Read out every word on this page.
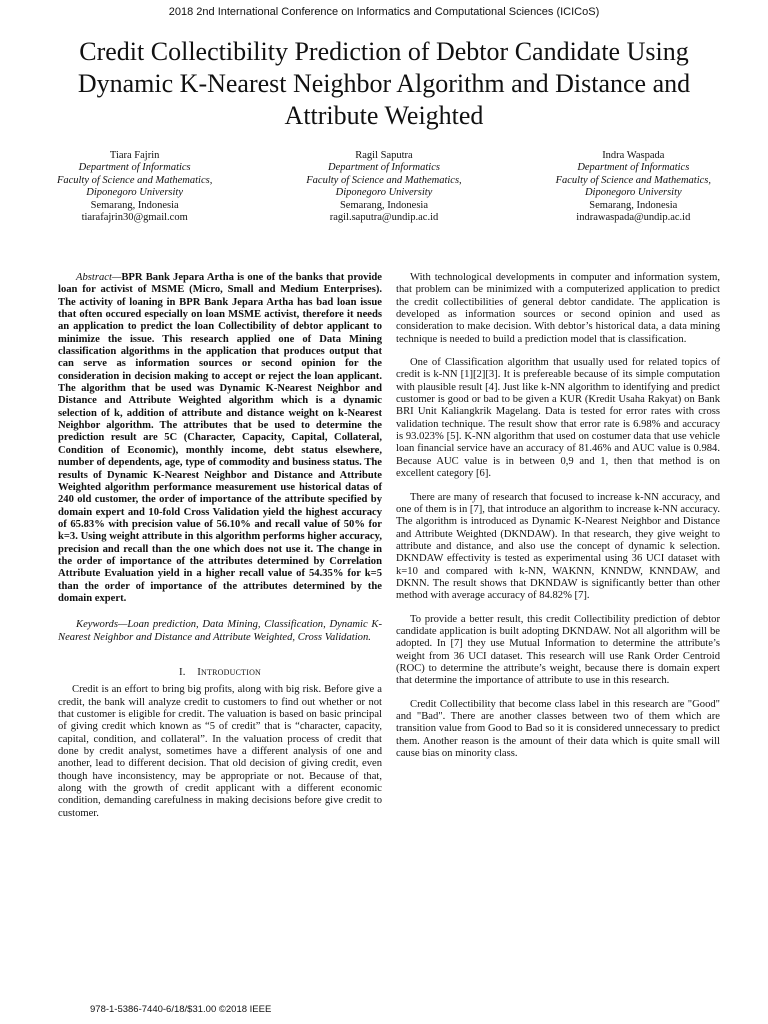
2018 2nd International Conference on Informatics and Computational Sciences (ICICoS)
Credit Collectibility Prediction of Debtor Candidate Using Dynamic K-Nearest Neighbor Algorithm and Distance and Attribute Weighted
Tiara Fajrin
Department of Informatics
Faculty of Science and Mathematics,
Diponegoro University
Semarang, Indonesia
tiarafajrin30@gmail.com
Ragil Saputra
Department of Informatics
Faculty of Science and Mathematics,
Diponegoro University
Semarang, Indonesia
ragil.saputra@undip.ac.id
Indra Waspada
Department of Informatics
Faculty of Science and Mathematics,
Diponegoro University
Semarang, Indonesia
indrawaspada@undip.ac.id

Abstract—BPR Bank Jepara Artha is one of the banks that provide loan for activist of MSME (Micro, Small and Medium Enterprises). The activity of loaning in BPR Bank Jepara Artha has bad loan issue that often occured especially on loan MSME activist, therefore it needs an application to predict the loan Collectibility of debtor applicant to minimize the issue. This research applied one of Data Mining classification algorithms in the application that produces output that can serve as information sources or second opinion for the consideration in decision making to accept or reject the loan applicant. The algorithm that be used was Dynamic K-Nearest Neighbor and Distance and Attribute Weighted algorithm which is a dynamic selection of k, addition of attribute and distance weight on k-Nearest Neighbor algorithm. The attributes that be used to determine the prediction result are 5C (Character, Capacity, Capital, Collateral, Condition of Economic), monthly income, debt status elsewhere, number of dependents, age, type of commodity and business status. The results of Dynamic K-Nearest Neighbor and Distance and Attribute Weighted algorithm performance measurement use historical datas of 240 old customer, the order of importance of the attribute specified by domain expert and 10-fold Cross Validation yield the highest accuracy of 65.83% with precision value of 56.10% and recall value of 50% for k=3. Using weight attribute in this algorithm performs higher accuracy, precision and recall than the one which does not use it. The change in the order of importance of the attributes determined by Correlation Attribute Evaluation yield in a higher recall value of 54.35% for k=5 than the order of importance of the attributes determined by the domain expert.

Keywords—Loan prediction, Data Mining, Classification, Dynamic K-Nearest Neighbor and Distance and Attribute Weighted, Cross Validation.

I. Introduction

Credit is an effort to bring big profits, along with big risk. Before give a credit, the bank will analyze credit to customers to find out whether or not that customer is eligible for credit. The valuation is based on basic principal of giving credit which known as “5 of credit” that is “character, capacity, capital, condition, and collateral”. In the valuation process of credit that done by credit analyst, sometimes have a different analysis of one and another, lead to different decision. That old decision of giving credit, even though have inconsistency, may be appropriate or not. Because of that, along with the growth of credit applicant with a different economic condition, demanding carefulness in making decisions before give credit to customer.

With technological developments in computer and information system, that problem can be minimized with a computerized application to predict the credit collectibilities of general debtor candidate. The application is developed as information sources or second opinion and used as consideration to make decision. With debtor’s historical data, a data mining technique is needed to build a prediction model that is classification.

One of Classification algorithm that usually used for related topics of credit is k-NN [1][2][3]. It is prefereable because of its simple computation with plausible result [4]. Just like k-NN algorithm to identifying and predict customer is good or bad to be given a KUR (Kredit Usaha Rakyat) on Bank BRI Unit Kaliangkrik Magelang. Data is tested for error rates with cross validation technique. The result show that error rate is 6.98% and accuracy is 93.023% [5]. K-NN algorithm that used on costumer data that use vehicle loan financial service have an accuracy of 81.46% and AUC value is 0.984. Because AUC value is in between 0,9 and 1, then that method is on excellent category [6].

There are many of research that focused to increase k-NN accuracy, and one of them is in [7], that introduce an algorithm to increase k-NN accuracy. The algorithm is introduced as Dynamic K-Nearest Neighbor and Distance and Attribute Weighted (DKNDAW). In that research, they give weight to attribute and distance, and also use the concept of dynamic k selection. DKNDAW effectivity is tested as experimental using 36 UCI dataset with k=10 and compared with k-NN, WAKNN, KNNDW, KNNDAW, and DKNN. The result shows that DKNDAW is significantly better than other method with average accuracy of 84.82% [7].

To provide a better result, this credit Collectibility prediction of debtor candidate application is built adopting DKNDAW. Not all algorithm will be adopted. In [7] they use Mutual Information to determine the attribute’s weight from 36 UCI dataset. This research will use Rank Order Centroid (ROC) to determine the attribute’s weight, because there is domain expert that determine the importance of attribute to use in this research.

Credit Collectibility that become class label in this research are "Good" and "Bad". There are another classes between two of them which are transition value from Good to Bad so it is considered unnecessary to predict them. Another reason is the amount of their data which is quite small will cause bias on minority class.

978-1-5386-7440-6/18/$31.00 ©2018 IEEE
